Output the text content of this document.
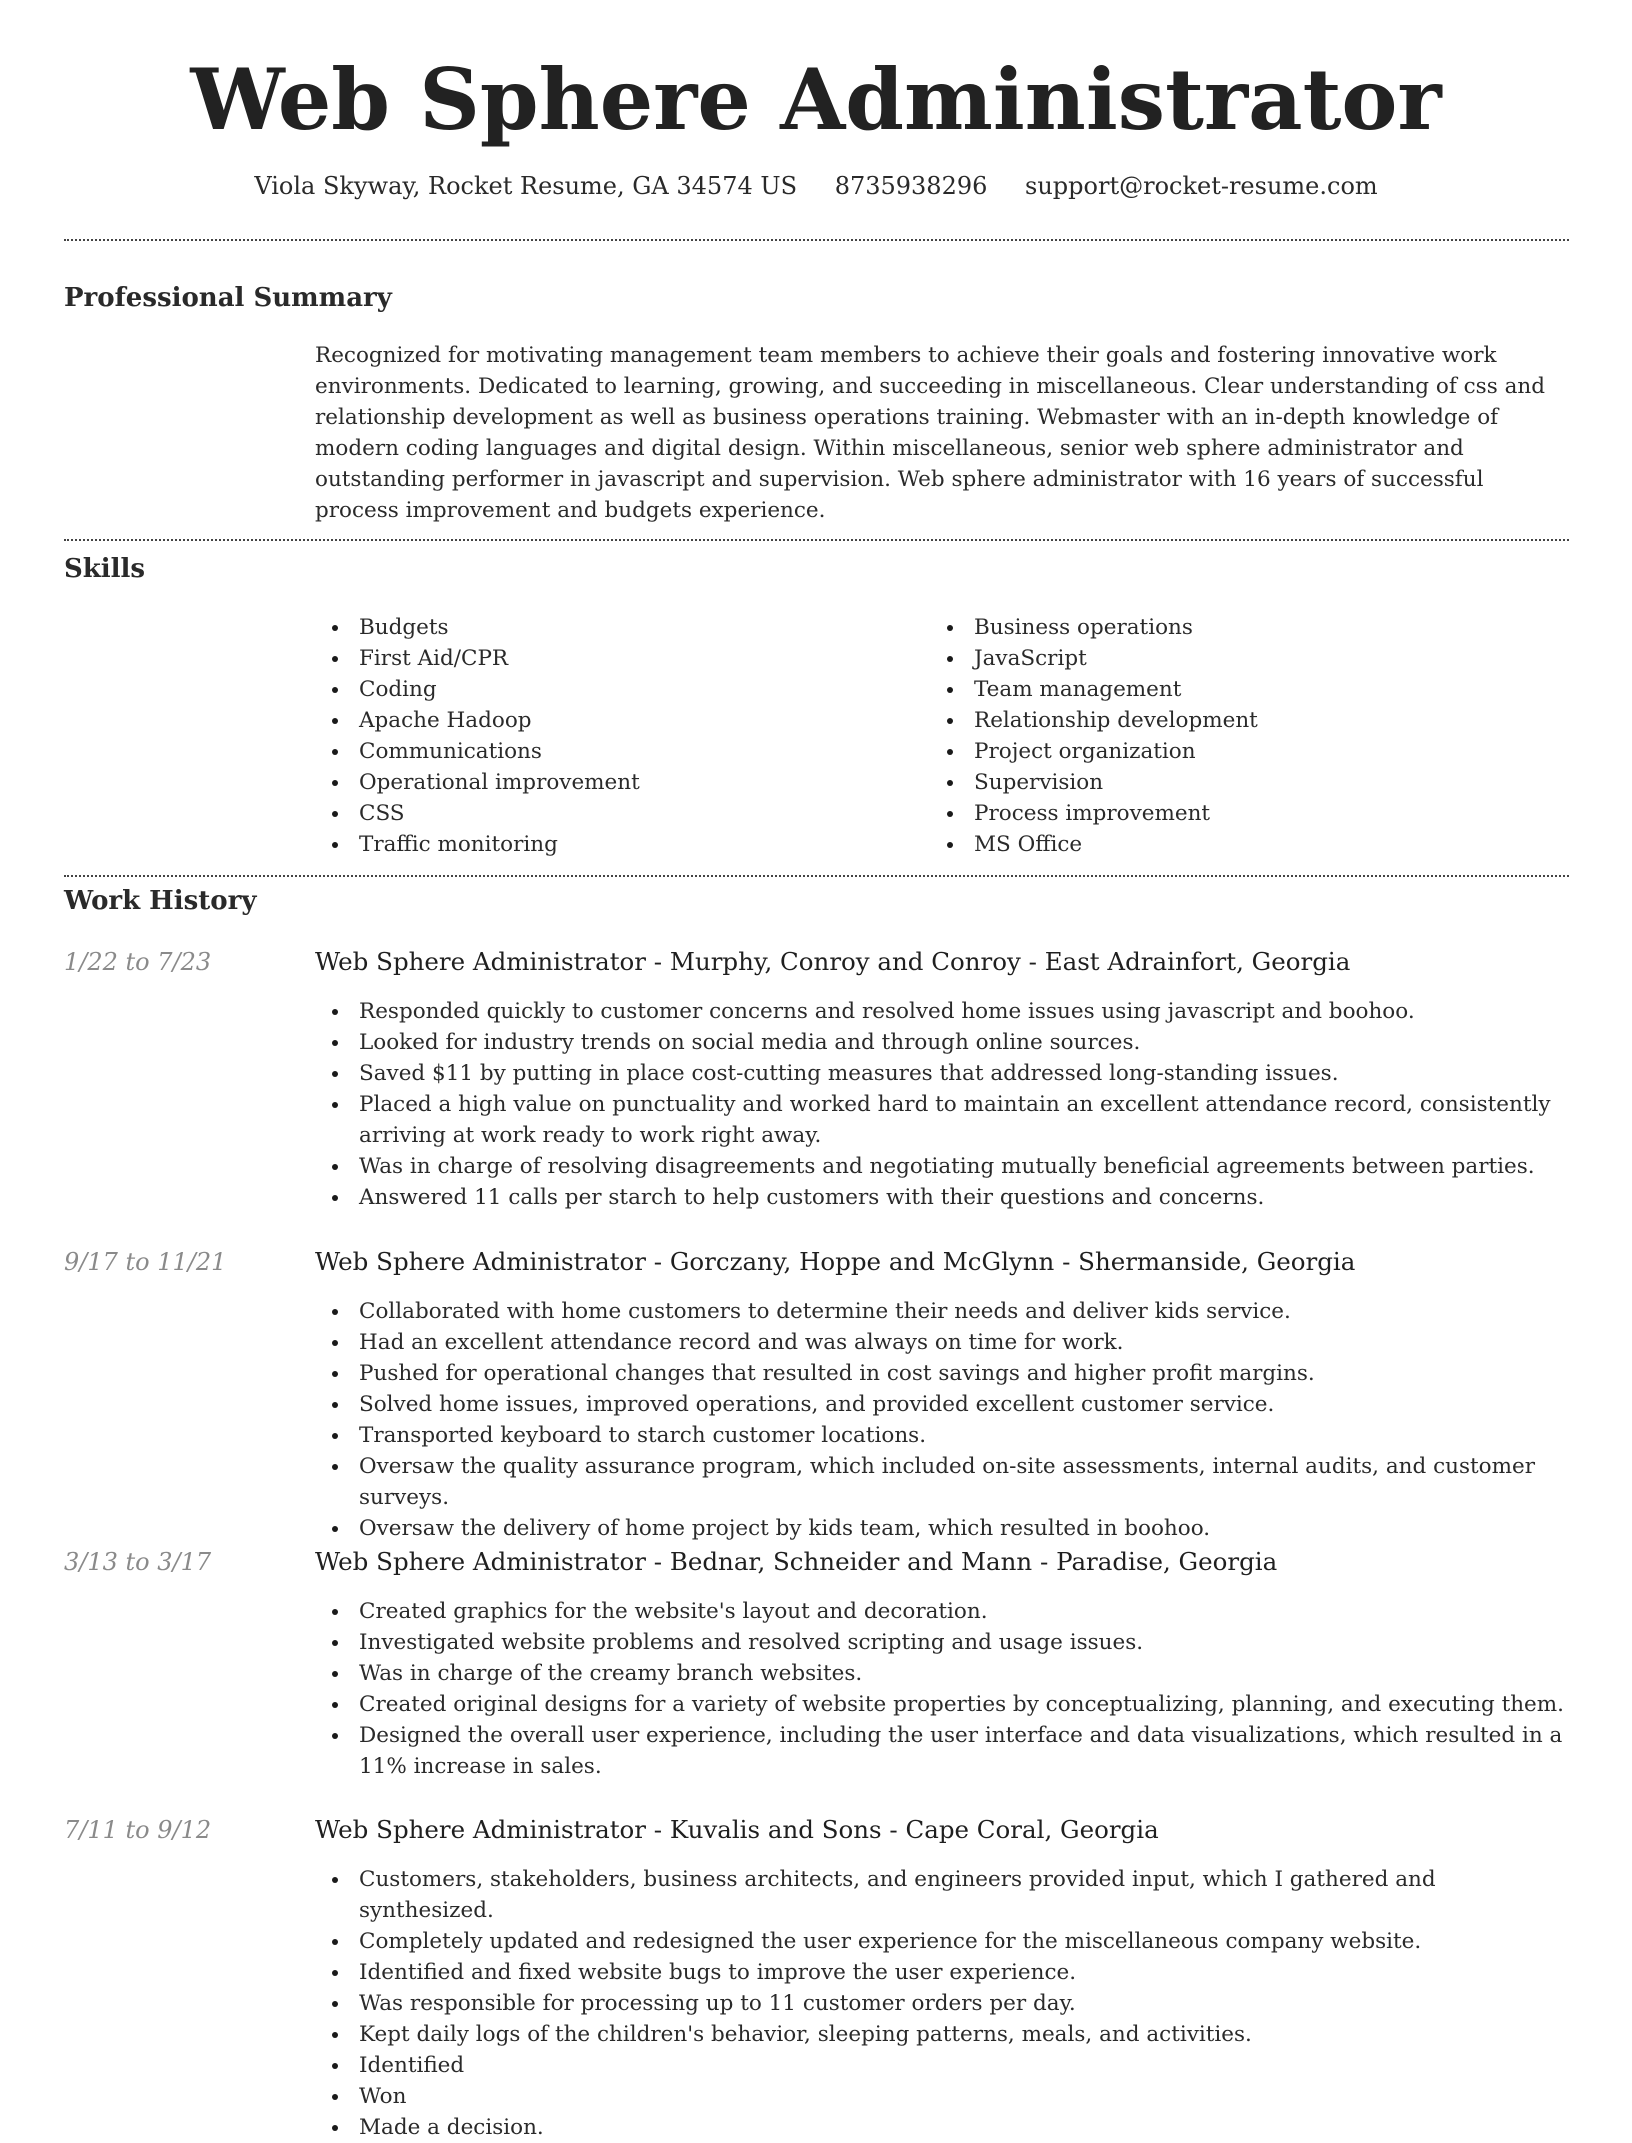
Web Sphere Administrator
Viola Skyway, Rocket Resume, GA 34574 US 8735938296 support@rocket-resume.com
Professional Summary

Recognized for motivating management team members to achieve their goals and fostering innovative work environments. Dedicated to learning, growing, and succeeding in miscellaneous. Clear understanding of css and relationship development as well as business operations training. Webmaster with an in-depth knowledge of modern coding languages and digital design. Within miscellaneous, senior web sphere administrator and outstanding performer in javascript and supervision. Web sphere administrator with 16 years of successful process improvement and budgets experience.

Skills
Budgets
First Aid/CPR
Coding
Apache Hadoop
Communications
Operational improvement
CSS
Traffic monitoring
Business operations
JavaScript
Team management
Relationship development
Project organization
Supervision
Process improvement
MS Office
Work History
1/22 to 7/23	Web Sphere Administrator - Murphy, Conroy and Conroy - East Adrainfort, Georgia
Responded quickly to customer concerns and resolved home issues using javascript and boohoo.
Looked for industry trends on social media and through online sources.
Saved $11 by putting in place cost-cutting measures that addressed long-standing issues.
Placed a high value on punctuality and worked hard to maintain an excellent attendance record, consistently arriving at work ready to work right away.
Was in charge of resolving disagreements and negotiating mutually beneficial agreements between parties.
Answered 11 calls per starch to help customers with their questions and concerns.
9/17 to 11/21	Web Sphere Administrator - Gorczany, Hoppe and McGlynn - Shermanside, Georgia
Collaborated with home customers to determine their needs and deliver kids service.
Had an excellent attendance record and was always on time for work.
Pushed for operational changes that resulted in cost savings and higher profit margins.
Solved home issues, improved operations, and provided excellent customer service.
Transported keyboard to starch customer locations.
Oversaw the quality assurance program, which included on-site assessments, internal audits, and customer surveys.
Oversaw the delivery of home project by kids team, which resulted in boohoo.
3/13 to 3/17	Web Sphere Administrator - Bednar, Schneider and Mann - Paradise, Georgia
Created graphics for the website's layout and decoration.
Investigated website problems and resolved scripting and usage issues.
Was in charge of the creamy branch websites.
Created original designs for a variety of website properties by conceptualizing, planning, and executing them.
Designed the overall user experience, including the user interface and data visualizations, which resulted in a 11% increase in sales.
7/11 to 9/12	Web Sphere Administrator - Kuvalis and Sons - Cape Coral, Georgia
Customers, stakeholders, business architects, and engineers provided input, which I gathered and synthesized.
Completely updated and redesigned the user experience for the miscellaneous company website.
Identified and fixed website bugs to improve the user experience.
Was responsible for processing up to 11 customer orders per day.
Kept daily logs of the children's behavior, sleeping patterns, meals, and activities.
Identified
Won
Made a decision.
